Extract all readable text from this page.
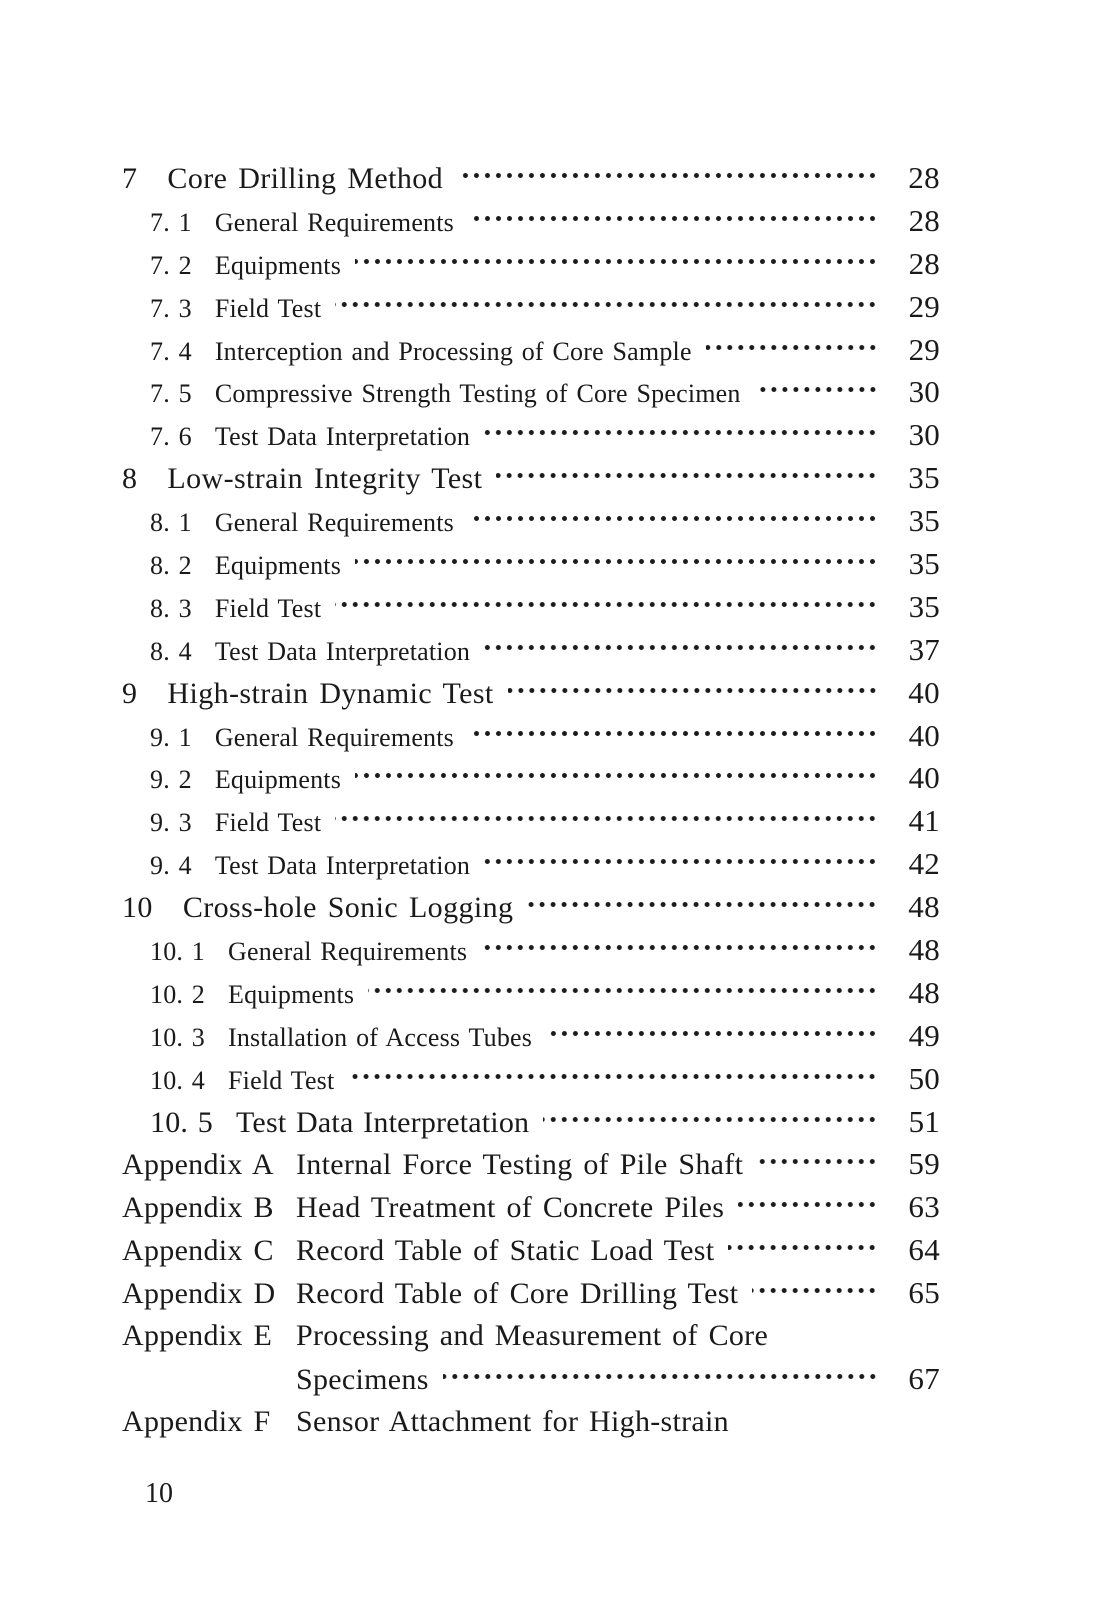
7 Core Drilling Method	28
7. 1 General Requirements	28
7. 2 Equipments	28
7. 3 Field Test	29
7. 4 Interception and Processing of Core Sample	29
7. 5 Compressive Strength Testing of Core Specimen	30
7. 6 Test Data Interpretation	30
8 Low-strain Integrity Test	35
8. 1 General Requirements	35
8. 2 Equipments	35
8. 3 Field Test	35
8. 4 Test Data Interpretation	37
9 High-strain Dynamic Test	40
9. 1 General Requirements	40
9. 2 Equipments	40
9. 3 Field Test	41
9. 4 Test Data Interpretation	42
10 Cross-hole Sonic Logging	48
10. 1 General Requirements	48
10. 2 Equipments	48
10. 3 Installation of Access Tubes	49
10. 4 Field Test	50
10. 5 Test Data Interpretation	51
Appendix A Internal Force Testing of Pile Shaft	59
Appendix B Head Treatment of Concrete Piles	63
Appendix C Record Table of Static Load Test	64
Appendix D Record Table of Core Drilling Test	65
Appendix E Processing and Measurement of Core
Specimens	67
Appendix F Sensor Attachment for High-strain
10
